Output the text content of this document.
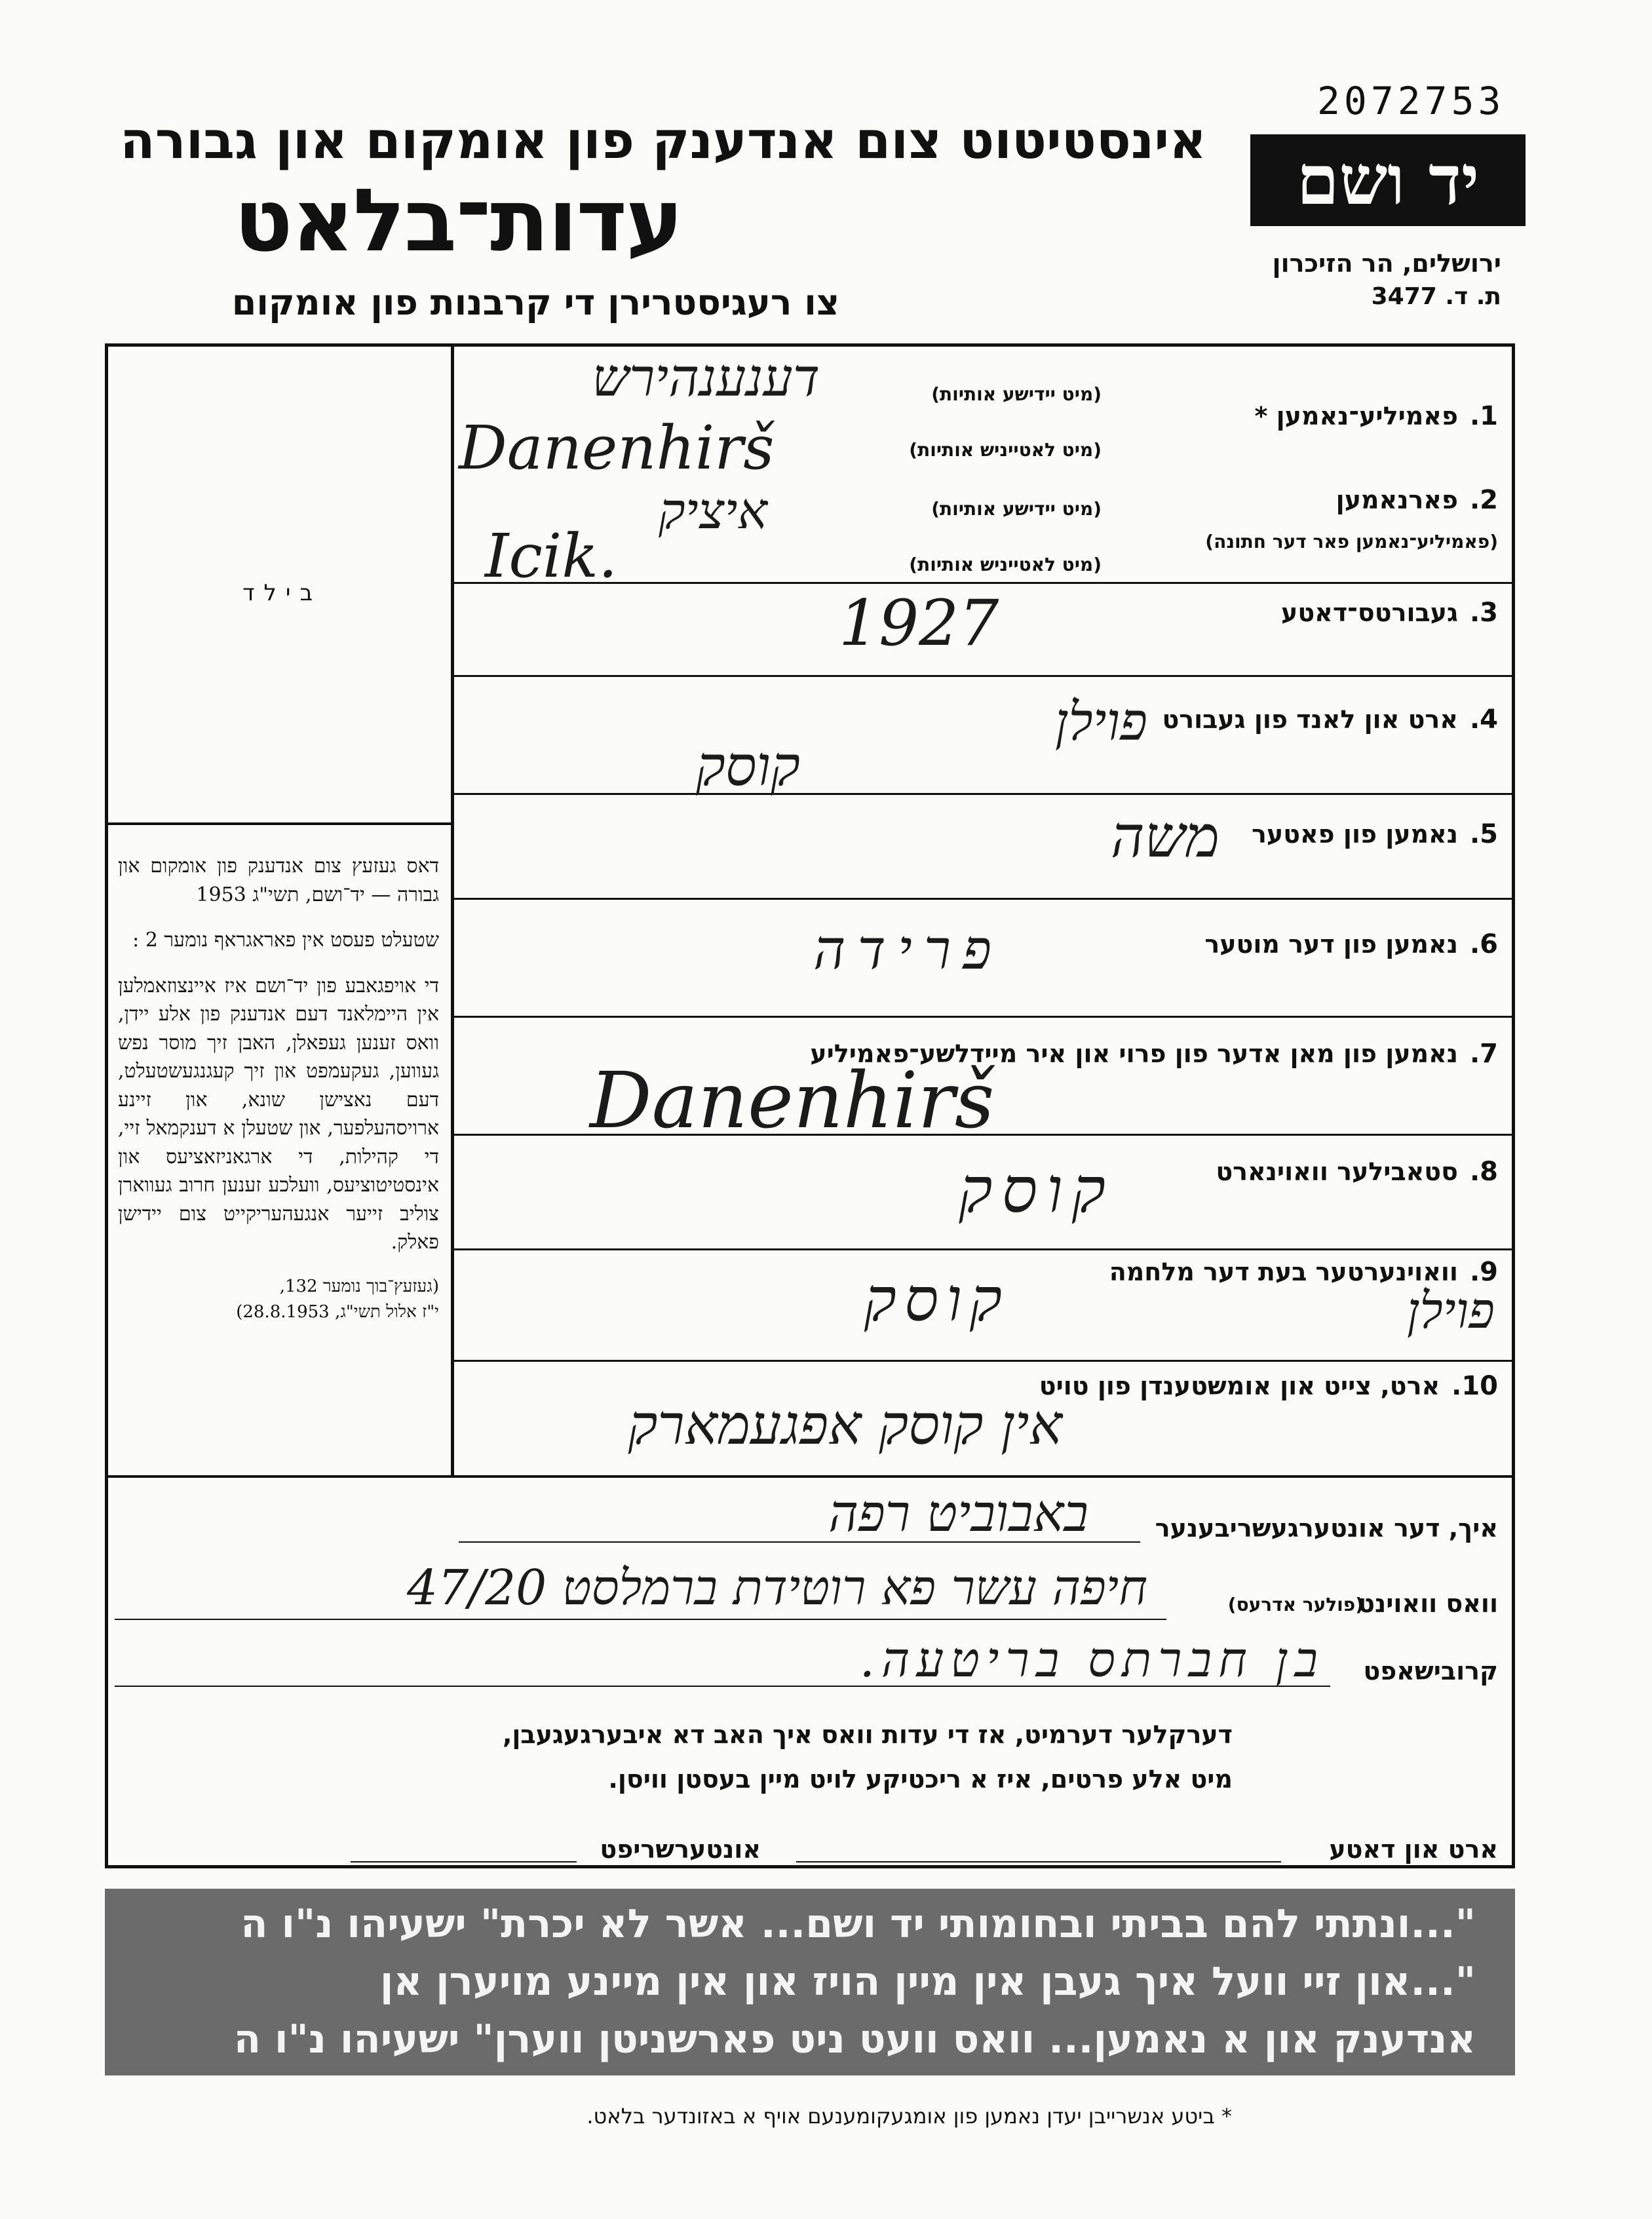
2072753
יד ושם
ירושלים, הר הזיכרון
ת. ד. 3477
אינסטיטוט צום אנדענק פון אומקום און גבורה
עדות־בלאט
צו רעגיסטרירן די קרבנות פון אומקום
בילד

דאס געזעץ צום אנדענק פון אומקום און גבורה — יד־ושם, תשי"ג 1953

שטעלט פעסט אין פאראגראף נומער 2 :

די אויפגאבע פון יד־ושם איז איינצוזאמלען אין היימלאנד דעם אנדענק פון אלע יידן, וואס זענען געפאלן, האבן זיך מוסר נפש געווען, געקעמפט און זיך קעגנגעשטעלט, דעם נאצישן שונא, און זיינע ארויסהעלפער, און שטעלן א דענקמאל זיי, די קהילות, די ארגאניזאציעס און אינסטיטוציעס, וועלכע זענען חרוב געווארן צוליב זייער אנגעהעריקייט צום יידישן פאלק.

(געזעץ־בוך נומער 132,
י"ז אלול תשי"ג, 28.8.1953)
1.פאמיליע־נאמען *
(מיט יידישע אותיות)
(מיט לאטייניש אותיות)
דענענהירש
Danenhirš
2.פארנאמען
(פאמיליע־נאמען פאר דער חתונה)
(מיט יידישע אותיות)
(מיט לאטייניש אותיות)
איציק
Icik.
3.געבורטס־דאטע
1927
4.ארט און לאנד פון געבורט
פוילן
קוסק
5.נאמען פון פאטער
משה
6.נאמען פון דער מוטער
פרידה
7.נאמען פון מאן אדער פון פרוי און איר מיידלשע־פאמיליע
Danenhirš
8.סטאבילער וואוינארט
קוסק
9.וואוינערטער בעת דער מלחמה
קוסק	פוילן
10.ארט, צייט און אומשטענדן פון טויט
אין קוסק אפגעמארק
איך, דער אונטערגעשריבענער
באבוביט רפה
וואס וואוינט
(פולער אדרעס)
חיפה עשר פא רוטידת ברמלסט 47/20
קרובישאפט
בן חברתס בריטעה.
דערקלער דערמיט, אז די עדות וואס איך האב דא איבערגעגעבן,
מיט אלע פרטים, איז א ריכטיקע לויט מיין בעסטן וויסן.
ארט און דאטע
אונטערשריפט
"...ונתתי להם בביתי ובחומותי יד ושם... אשר לא יכרת" ישעיהו נ"ו ה
"...און זיי וועל איך געבן אין מיין הויז און אין מיינע מויערן אן
אנדענק און א נאמען... וואס וועט ניט פארשניטן ווערן" ישעיהו נ"ו ה
* ביטע אנשרייבן יעדן נאמען פון אומגעקומענעם אויף א באזונדער בלאט.
